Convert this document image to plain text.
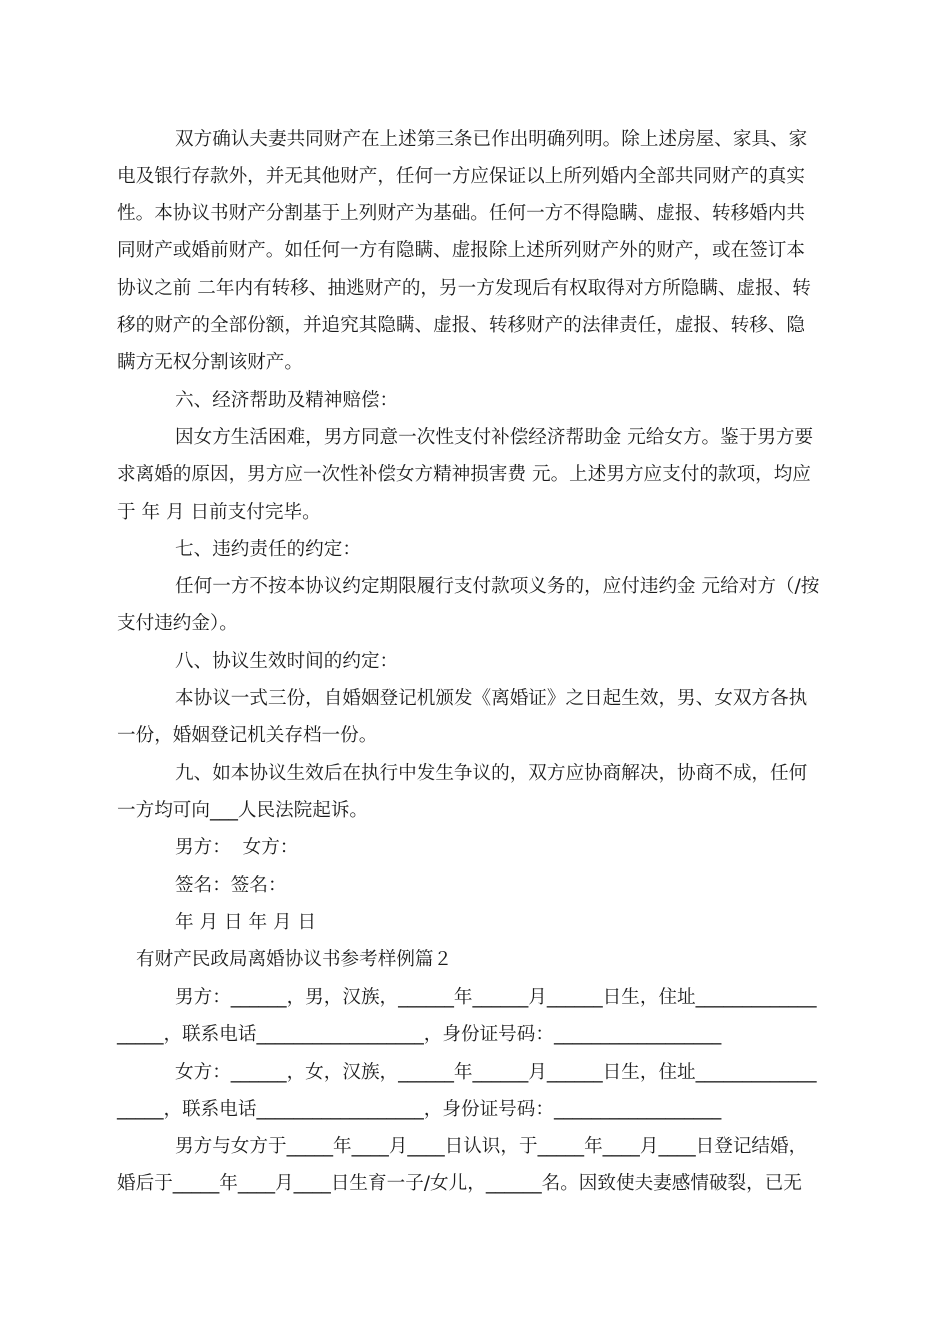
双方确认夫妻共同财产在上述第三条已作出明确列明。除上述房屋、家具、家
电及银行存款外，并无其他财产，任何一方应保证以上所列婚内全部共同财产的真实
性。本协议书财产分割基于上列财产为基础。任何一方不得隐瞒、虚报、转移婚内共
同财产或婚前财产。如任何一方有隐瞒、虚报除上述所列财产外的财产，或在签订本
协议之前 二年内有转移、抽逃财产的，另一方发现后有权取得对方所隐瞒、虚报、转
移的财产的全部份额，并追究其隐瞒、虚报、转移财产的法律责任，虚报、转移、隐
瞒方无权分割该财产。
六、经济帮助及精神赔偿：
因女方生活困难，男方同意一次性支付补偿经济帮助金 元给女方。鉴于男方要
求离婚的原因，男方应一次性补偿女方精神损害费 元。上述男方应支付的款项，均应
于 年 月 日前支付完毕。
七、违约责任的约定：
任何一方不按本协议约定期限履行支付款项义务的，应付违约金 元给对方（/按
支付违约金）。
八、协议生效时间的约定：
本协议一式三份，自婚姻登记机颁发《离婚证》之日起生效，男、女双方各执
一份，婚姻登记机关存档一份。
九、如本协议生效后在执行中发生争议的，双方应协商解决，协商不成，任何
一方均可向___人民法院起诉。
男方：  女方：
签名：签名：
年 月 日 年 月 日
有财产民政局离婚协议书参考样例篇２
男方：______，男，汉族，______年______月______日生，住址_____________
_____，联系电话__________________，身份证号码：__________________
女方：______，女，汉族，______年______月______日生，住址_____________
_____，联系电话__________________，身份证号码：__________________
男方与女方于_____年____月____日认识，于_____年____月____日登记结婚，
婚后于_____年____月____日生育一子/女儿，______名。因致使夫妻感情破裂，已无
